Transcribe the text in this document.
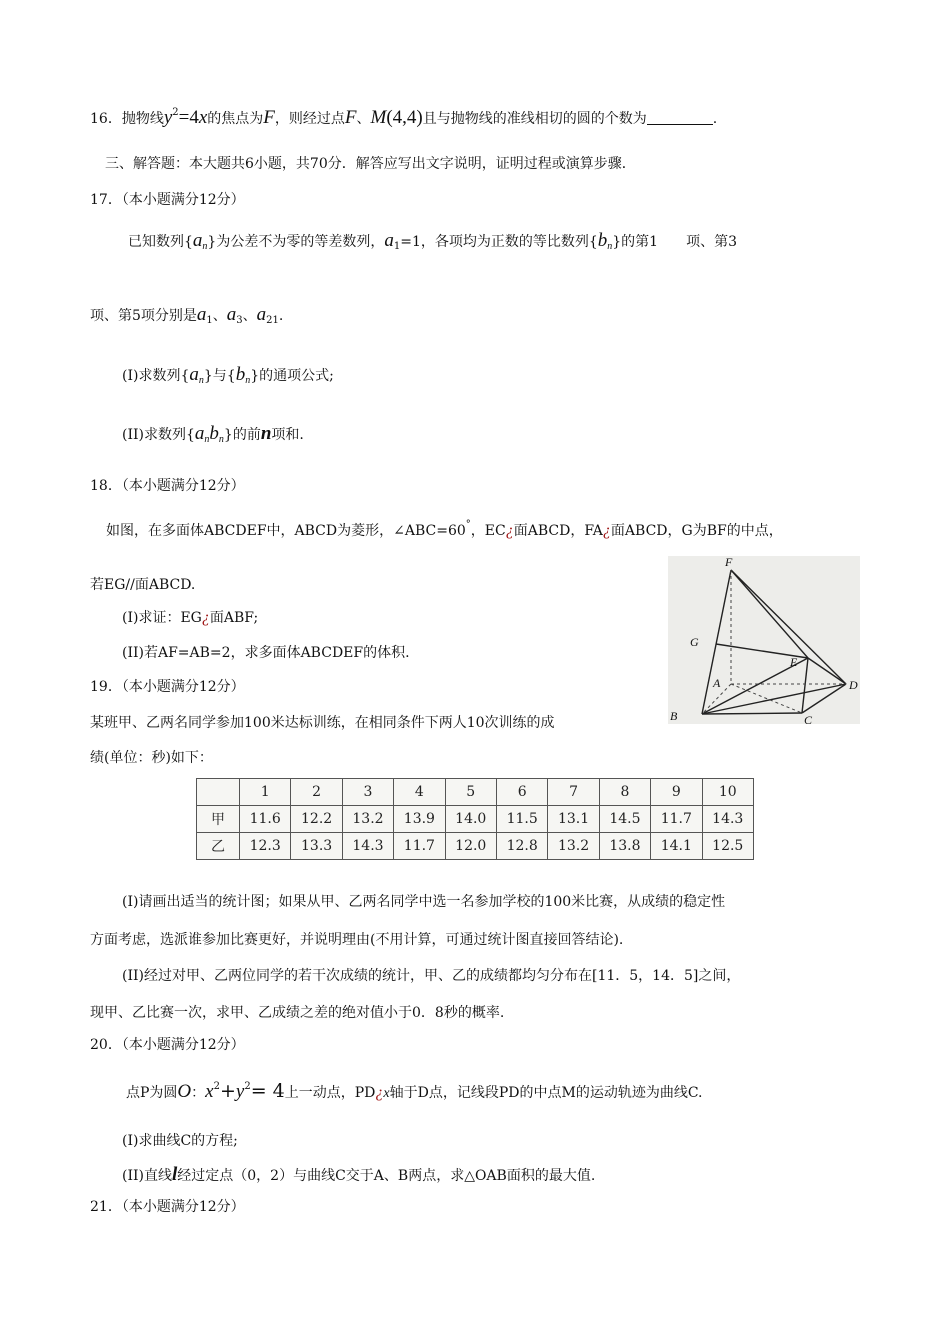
16．抛物线$y^2=4x$的焦点为F，则经过点F、M(4,4)且与抛物线的准线相切的圆的个数为	.
三、解答题：本大题共6小题，共70分．解答应写出文字说明，证明过程或演算步骤．
17．（本小题满分12分）
已知数列$\{a_n\}$为公差不为零的等差数列，$a_1=1$，各项均为正数的等比数列$\{b_n\}$的第1　　项、第3
项、第5项分别是$a_1$、$a_3$、$a_{21}$.
(I)求数列$\{a_n\}$与$\{b_n\}$的通项公式;
(II)求数列$\{a_nb_n\}$的前n项和.
18．（本小题满分12分）
如图，在多面体ABCDEF中，ABCD为菱形，∠ABC=60°，EC¿面ABCD，FA¿面ABCD，G为BF的中点，
若EG//面ABCD.
(I)求证：EG¿面ABF;
(II)若AF=AB=2，求多面体ABCDEF的体积.
F
G
E
A	D
B	C
19．（本小题满分12分）
某班甲、乙两名同学参加100米达标训练，在相同条件下两人10次训练的成
绩(单位：秒)如下：
	1	2	3	4	5	6	7	8	9	10
甲	11.6	12.2	13.2	13.9	14.0	11.5	13.1	14.5	11.7	14.3
乙	12.3	13.3	14.3	11.7	12.0	12.8	13.2	13.8	14.1	12.5
(I)请画出适当的统计图；如果从甲、乙两名同学中选一名参加学校的100米比赛，从成绩的稳定性
方面考虑，选派谁参加比赛更好，并说明理由(不用计算，可通过统计图直接回答结论).
(II)经过对甲、乙两位同学的若干次成绩的统计，甲、乙的成绩都均匀分布在[11．5，14．5]之间，
现甲、乙比赛一次，求甲、乙成绩之差的绝对值小于0．8秒的概率.
20．（本小题满分12分）
点P为圆O：$x^2+y^2= 4$上一动点，PD¿x轴于D点，记线段PD的中点M的运动轨迹为曲线C.
(I)求曲线C的方程;
(II)直线l经过定点（0，2）与曲线C交于A、B两点，求△OAB面积的最大值.
21．（本小题满分12分）
